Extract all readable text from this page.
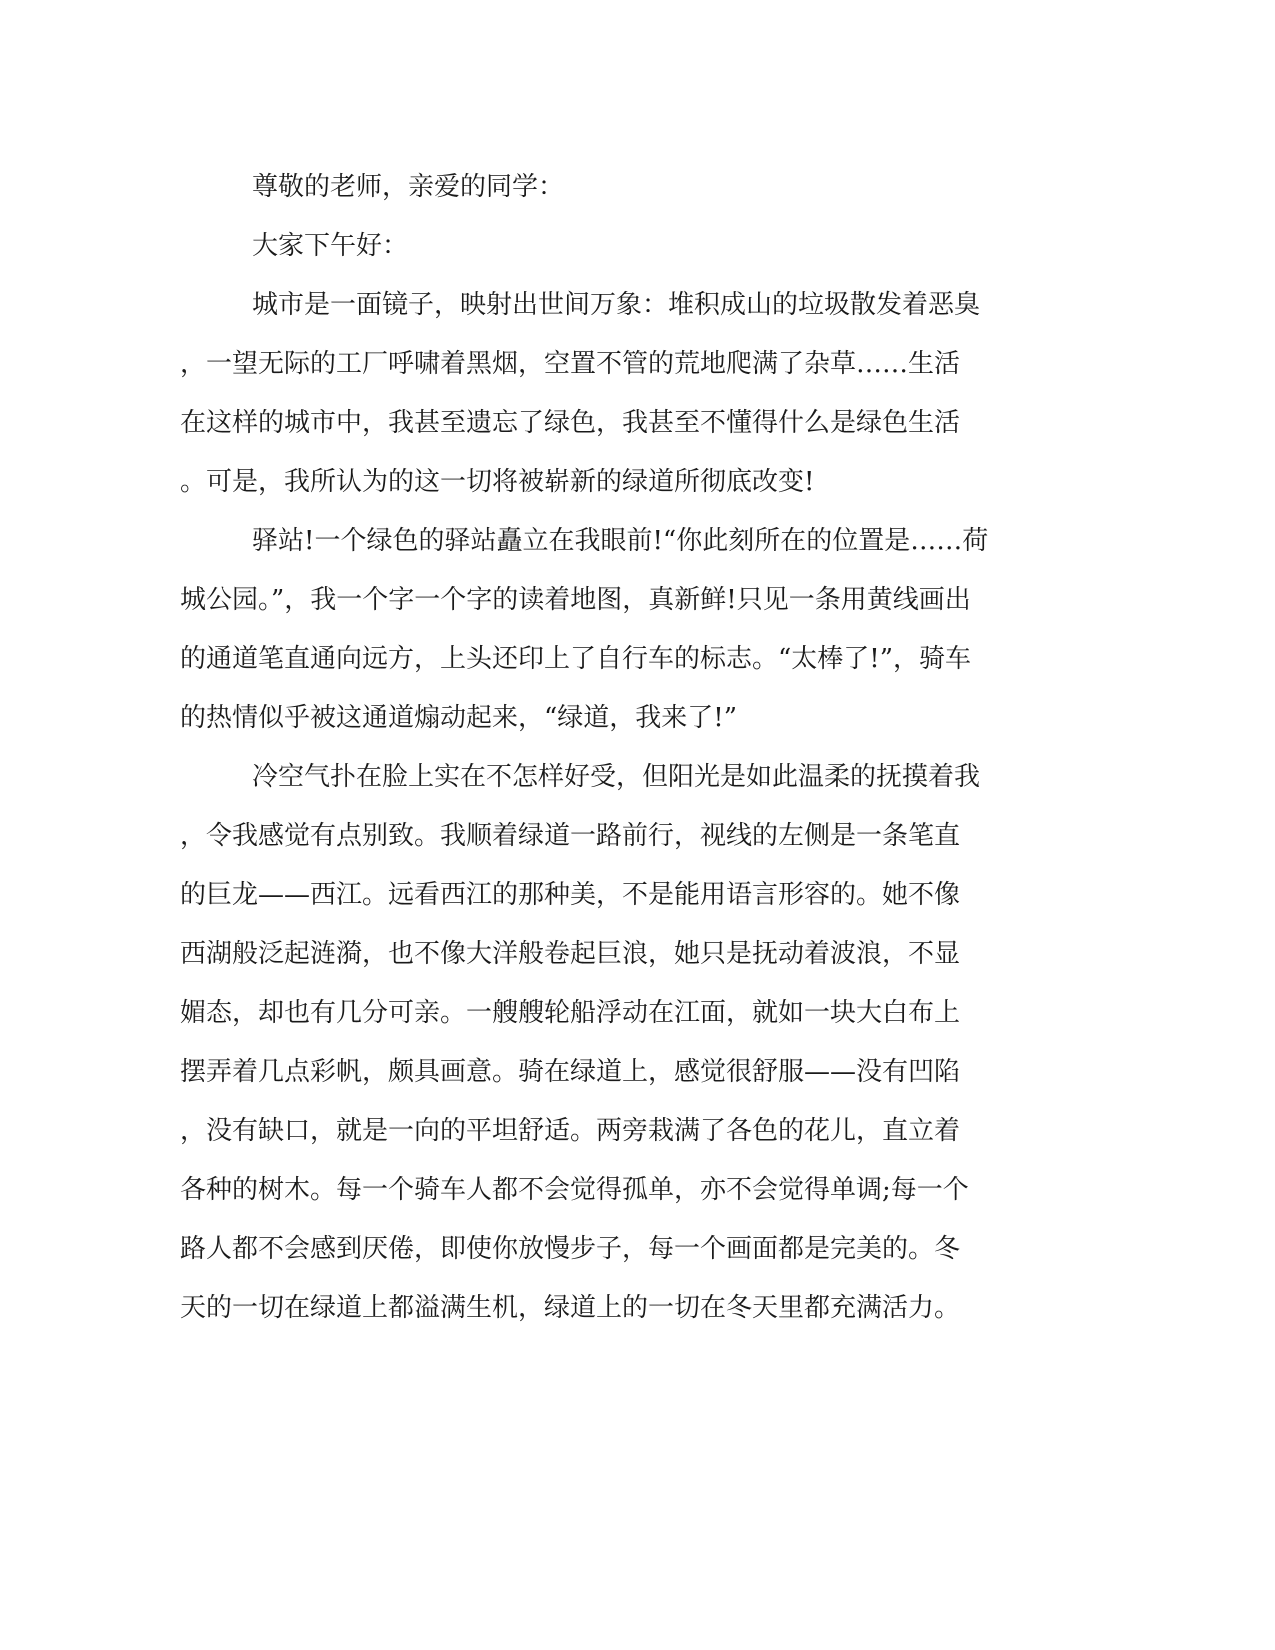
尊敬的老师，亲爱的同学：
大家下午好：
城市是一面镜子，映射出世间万象：堆积成山的垃圾散发着恶臭
，一望无际的工厂呼啸着黑烟，空置不管的荒地爬满了杂草……生活
在这样的城市中，我甚至遗忘了绿色，我甚至不懂得什么是绿色生活
。可是，我所认为的这一切将被崭新的绿道所彻底改变!
驿站!一个绿色的驿站矗立在我眼前!“你此刻所在的位置是……荷
城公园。”，我一个字一个字的读着地图，真新鲜!只见一条用黄线画出
的通道笔直通向远方，上头还印上了自行车的标志。“太棒了!”，骑车
的热情似乎被这通道煽动起来，“绿道，我来了!”
冷空气扑在脸上实在不怎样好受，但阳光是如此温柔的抚摸着我
，令我感觉有点别致。我顺着绿道一路前行，视线的左侧是一条笔直
的巨龙——西江。远看西江的那种美，不是能用语言形容的。她不像
西湖般泛起涟漪，也不像大洋般卷起巨浪，她只是抚动着波浪，不显
媚态，却也有几分可亲。一艘艘轮船浮动在江面，就如一块大白布上
摆弄着几点彩帆，颇具画意。骑在绿道上，感觉很舒服——没有凹陷
，没有缺口，就是一向的平坦舒适。两旁栽满了各色的花儿，直立着
各种的树木。每一个骑车人都不会觉得孤单，亦不会觉得单调;每一个
路人都不会感到厌倦，即使你放慢步子，每一个画面都是完美的。冬
天的一切在绿道上都溢满生机，绿道上的一切在冬天里都充满活力。
